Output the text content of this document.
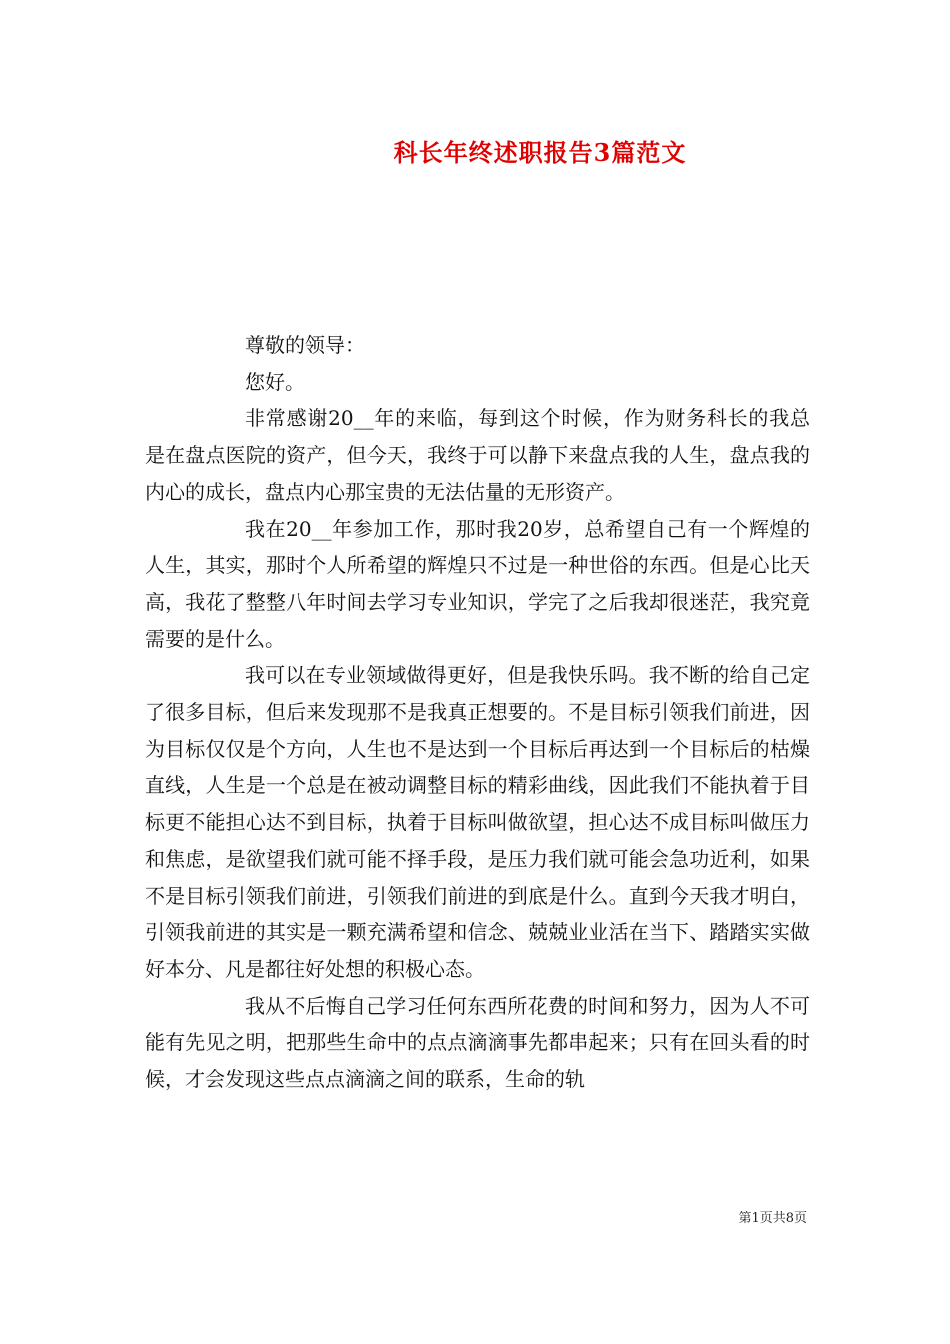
科长年终述职报告3篇范文

尊敬的领导：

您好。

非常感谢20__年的来临，每到这个时候，作为财务科长的我总是在盘点医院的资产，但今天，我终于可以静下来盘点我的人生，盘点我的内心的成长，盘点内心那宝贵的无法估量的无形资产。

我在20__年参加工作，那时我20岁，总希望自己有一个辉煌的人生，其实，那时个人所希望的辉煌只不过是一种世俗的东西。但是心比天高，我花了整整八年时间去学习专业知识，学完了之后我却很迷茫，我究竟需要的是什么。

我可以在专业领域做得更好，但是我快乐吗。我不断的给自己定了很多目标，但后来发现那不是我真正想要的。不是目标引领我们前进，因为目标仅仅是个方向，人生也不是达到一个目标后再达到一个目标后的枯燥直线，人生是一个总是在被动调整目标的精彩曲线，因此我们不能执着于目标更不能担心达不到目标，执着于目标叫做欲望，担心达不成目标叫做压力和焦虑，是欲望我们就可能不择手段，是压力我们就可能会急功近利，如果不是目标引领我们前进，引领我们前进的到底是什么。直到今天我才明白，引领我前进的其实是一颗充满希望和信念、兢兢业业活在当下、踏踏实实做好本分、凡是都往好处想的积极心态。

我从不后悔自己学习任何东西所花费的时间和努力，因为人不可能有先见之明，把那些生命中的点点滴滴事先都串起来；只有在回头看的时候，才会发现这些点点滴滴之间的联系，生命的轨

第1页共8页
